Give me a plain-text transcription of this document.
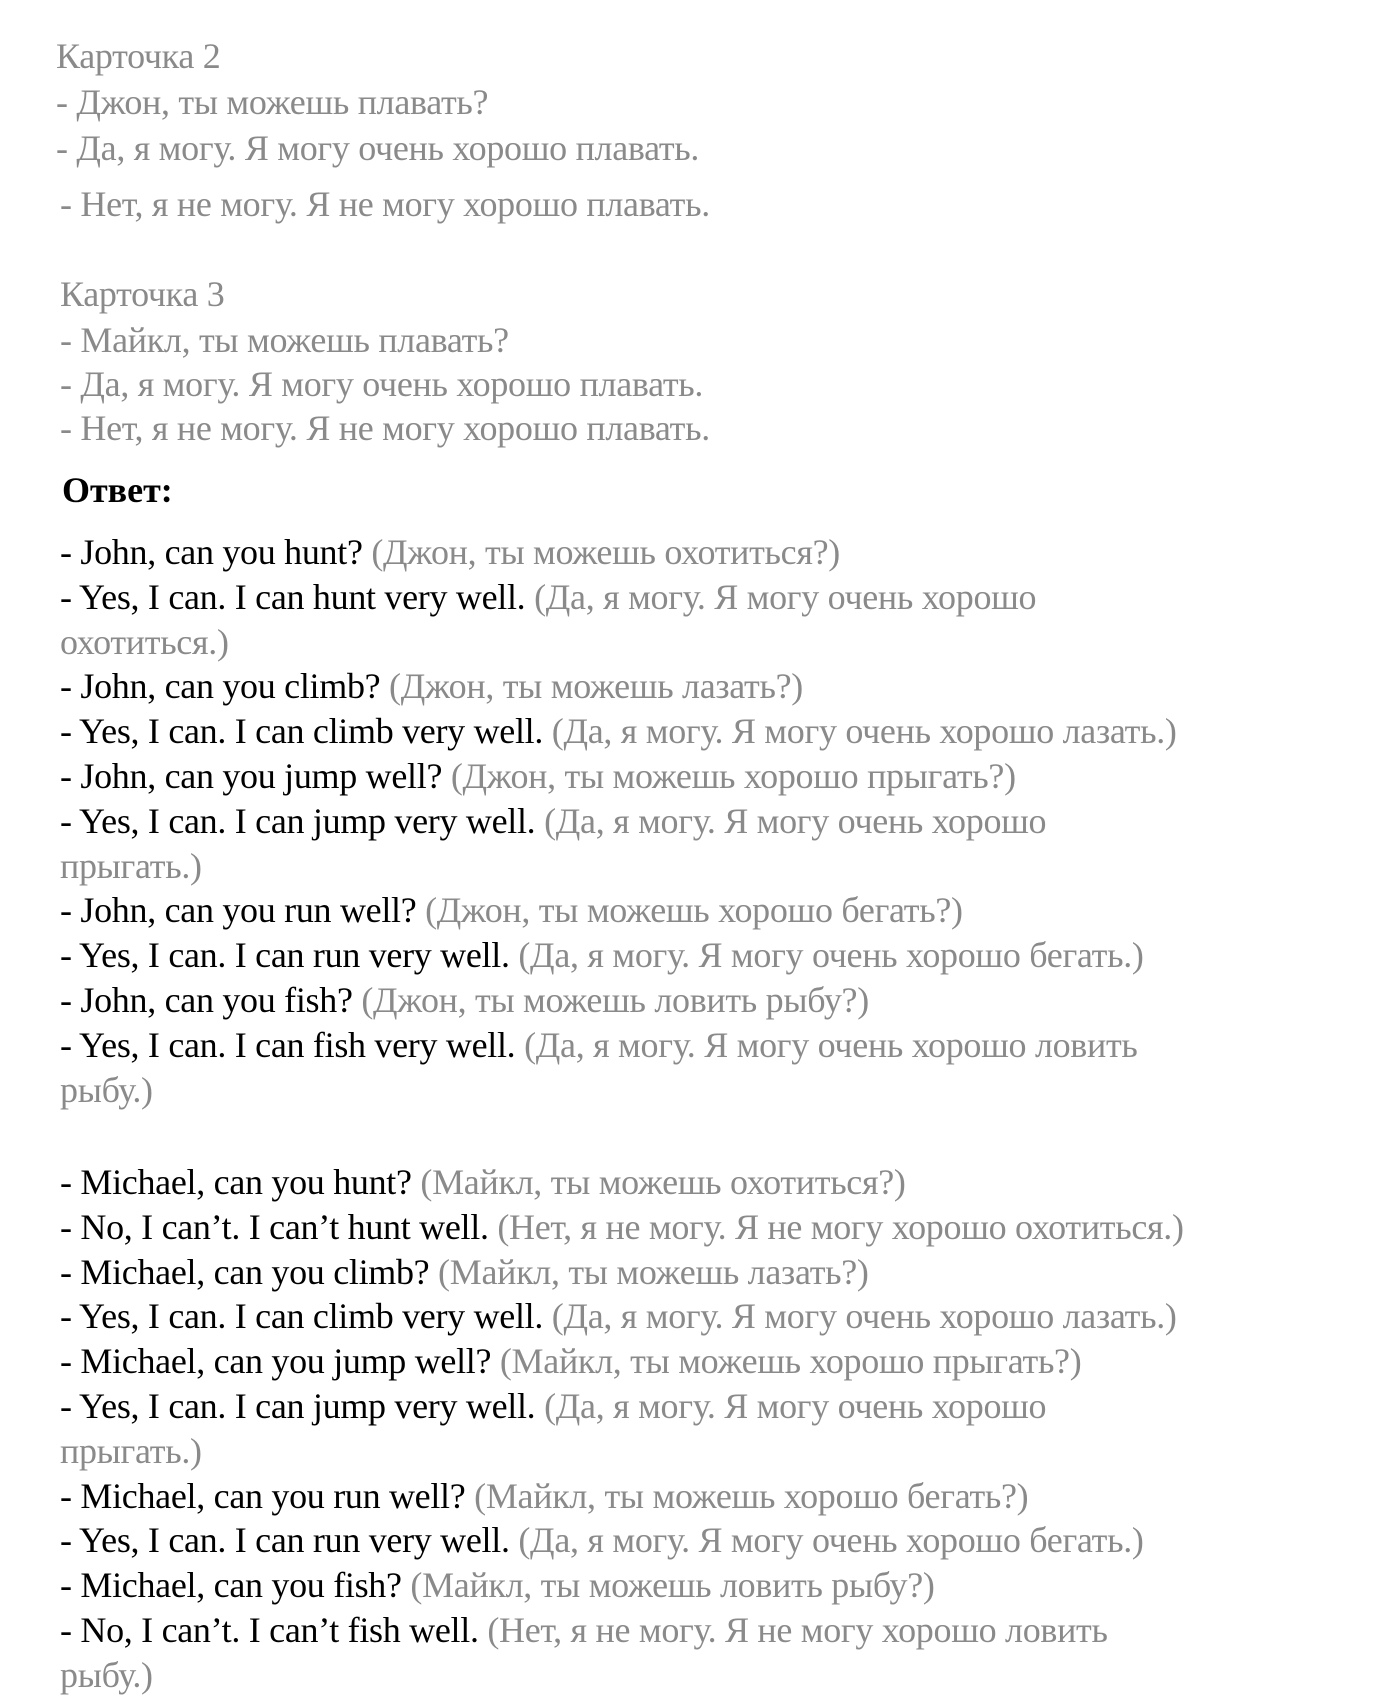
Карточка 2
- Джон, ты можешь плавать?
- Да, я могу. Я могу очень хорошо плавать.
- Нет, я не могу. Я не могу хорошо плавать.
Карточка 3
- Майкл, ты можешь плавать?
- Да, я могу. Я могу очень хорошо плавать.
- Нет, я не могу. Я не могу хорошо плавать.
Ответ:
- John, can you hunt? (Джон, ты можешь охотиться?)
- Yes, I can. I can hunt very well. (Да, я могу. Я могу очень хорошо
охотиться.)
- John, can you climb? (Джон, ты можешь лазать?)
- Yes, I can. I can climb very well. (Да, я могу. Я могу очень хорошо лазать.)
- John, can you jump well? (Джон, ты можешь хорошо прыгать?)
- Yes, I can. I can jump very well. (Да, я могу. Я могу очень хорошо
прыгать.)
- John, can you run well? (Джон, ты можешь хорошо бегать?)
- Yes, I can. I can run very well. (Да, я могу. Я могу очень хорошо бегать.)
- John, can you fish? (Джон, ты можешь ловить рыбу?)
- Yes, I can. I can fish very well. (Да, я могу. Я могу очень хорошо ловить
рыбу.)
- Michael, can you hunt? (Майкл, ты можешь охотиться?)
- No, I can’t. I can’t hunt well. (Нет, я не могу. Я не могу хорошо охотиться.)
- Michael, can you climb? (Майкл, ты можешь лазать?)
- Yes, I can. I can climb very well. (Да, я могу. Я могу очень хорошо лазать.)
- Michael, can you jump well? (Майкл, ты можешь хорошо прыгать?)
- Yes, I can. I can jump very well. (Да, я могу. Я могу очень хорошо
прыгать.)
- Michael, can you run well? (Майкл, ты можешь хорошо бегать?)
- Yes, I can. I can run very well. (Да, я могу. Я могу очень хорошо бегать.)
- Michael, can you fish? (Майкл, ты можешь ловить рыбу?)
- No, I can’t. I can’t fish well. (Нет, я не могу. Я не могу хорошо ловить
рыбу.)
